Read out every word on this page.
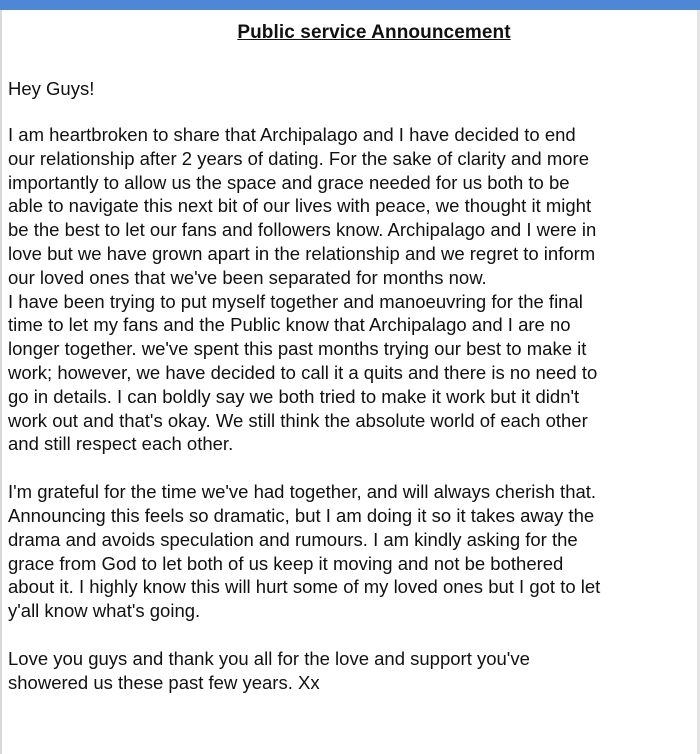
Public service Announcement
Hey Guys!

I am heartbroken to share that Archipalago and I have decided to end

our relationship after 2 years of dating. For the sake of clarity and more

importantly to allow us the space and grace needed for us both to be

able to navigate this next bit of our lives with peace, we thought it might

be the best to let our fans and followers know. Archipalago and I were in

love but we have grown apart in the relationship and we regret to inform

our loved ones that we've been separated for months now.

I have been trying to put myself together and manoeuvring for the final

time to let my fans and the Public know that Archipalago and I are no

longer together. we've spent this past months trying our best to make it

work; however, we have decided to call it a quits and there is no need to

go in details. I can boldly say we both tried to make it work but it didn't

work out and that's okay. We still think the absolute world of each other

and still respect each other.

I'm grateful for the time we've had together, and will always cherish that.

Announcing this feels so dramatic, but I am doing it so it takes away the

drama and avoids speculation and rumours. I am kindly asking for the

grace from God to let both of us keep it moving and not be bothered

about it. I highly know this will hurt some of my loved ones but I got to let

y'all know what's going.

Love you guys and thank you all for the love and support you've

showered us these past few years. Xx
